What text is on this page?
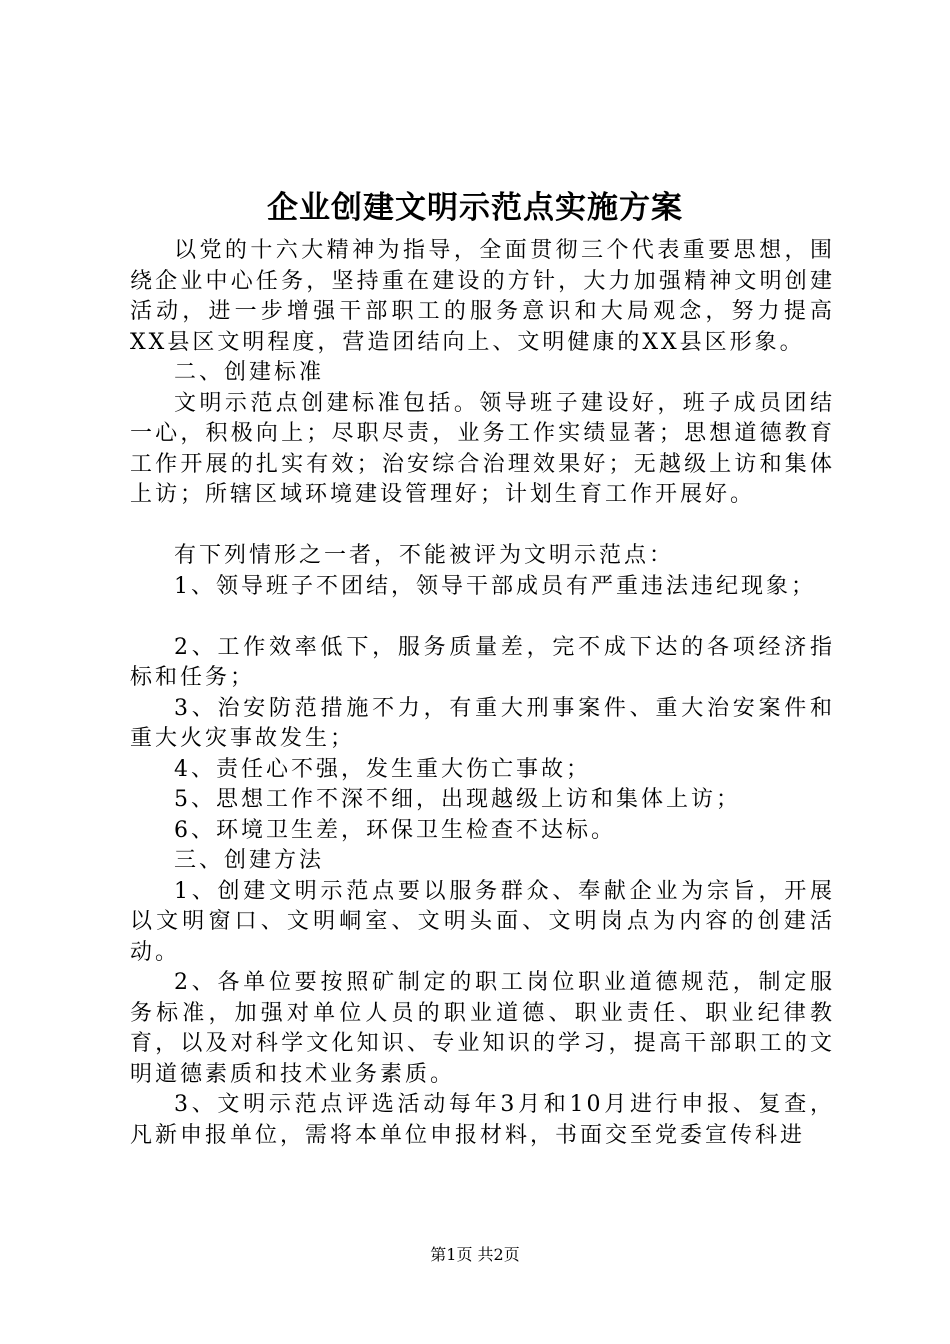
企业创建文明示范点实施方案

以党的十六大精神为指导，全面贯彻三个代表重要思想，围绕企业中心任务，坚持重在建设的方针，大力加强精神文明创建活动，进一步增强干部职工的服务意识和大局观念，努力提高XX县区文明程度，营造团结向上、文明健康的XX县区形象。

二、创建标准

文明示范点创建标准包括。领导班子建设好，班子成员团结一心，积极向上；尽职尽责，业务工作实绩显著；思想道德教育工作开展的扎实有效；治安综合治理效果好；无越级上访和集体上访；所辖区域环境建设管理好；计划生育工作开展好。

有下列情形之一者，不能被评为文明示范点：

1、领导班子不团结，领导干部成员有严重违法违纪现象；

2、工作效率低下，服务质量差，完不成下达的各项经济指标和任务；

3、治安防范措施不力，有重大刑事案件、重大治安案件和重大火灾事故发生；

4、责任心不强，发生重大伤亡事故；

5、思想工作不深不细，出现越级上访和集体上访；

6、环境卫生差，环保卫生检查不达标。

三、创建方法

1、创建文明示范点要以服务群众、奉献企业为宗旨，开展以文明窗口、文明峒室、文明头面、文明岗点为内容的创建活动。

2、各单位要按照矿制定的职工岗位职业道德规范，制定服务标准，加强对单位人员的职业道德、职业责任、职业纪律教育，以及对科学文化知识、专业知识的学习，提高干部职工的文明道德素质和技术业务素质。

3、文明示范点评选活动每年3月和10月进行申报、复查，凡新申报单位，需将本单位申报材料，书面交至党委宣传科进

第1页 共2页
